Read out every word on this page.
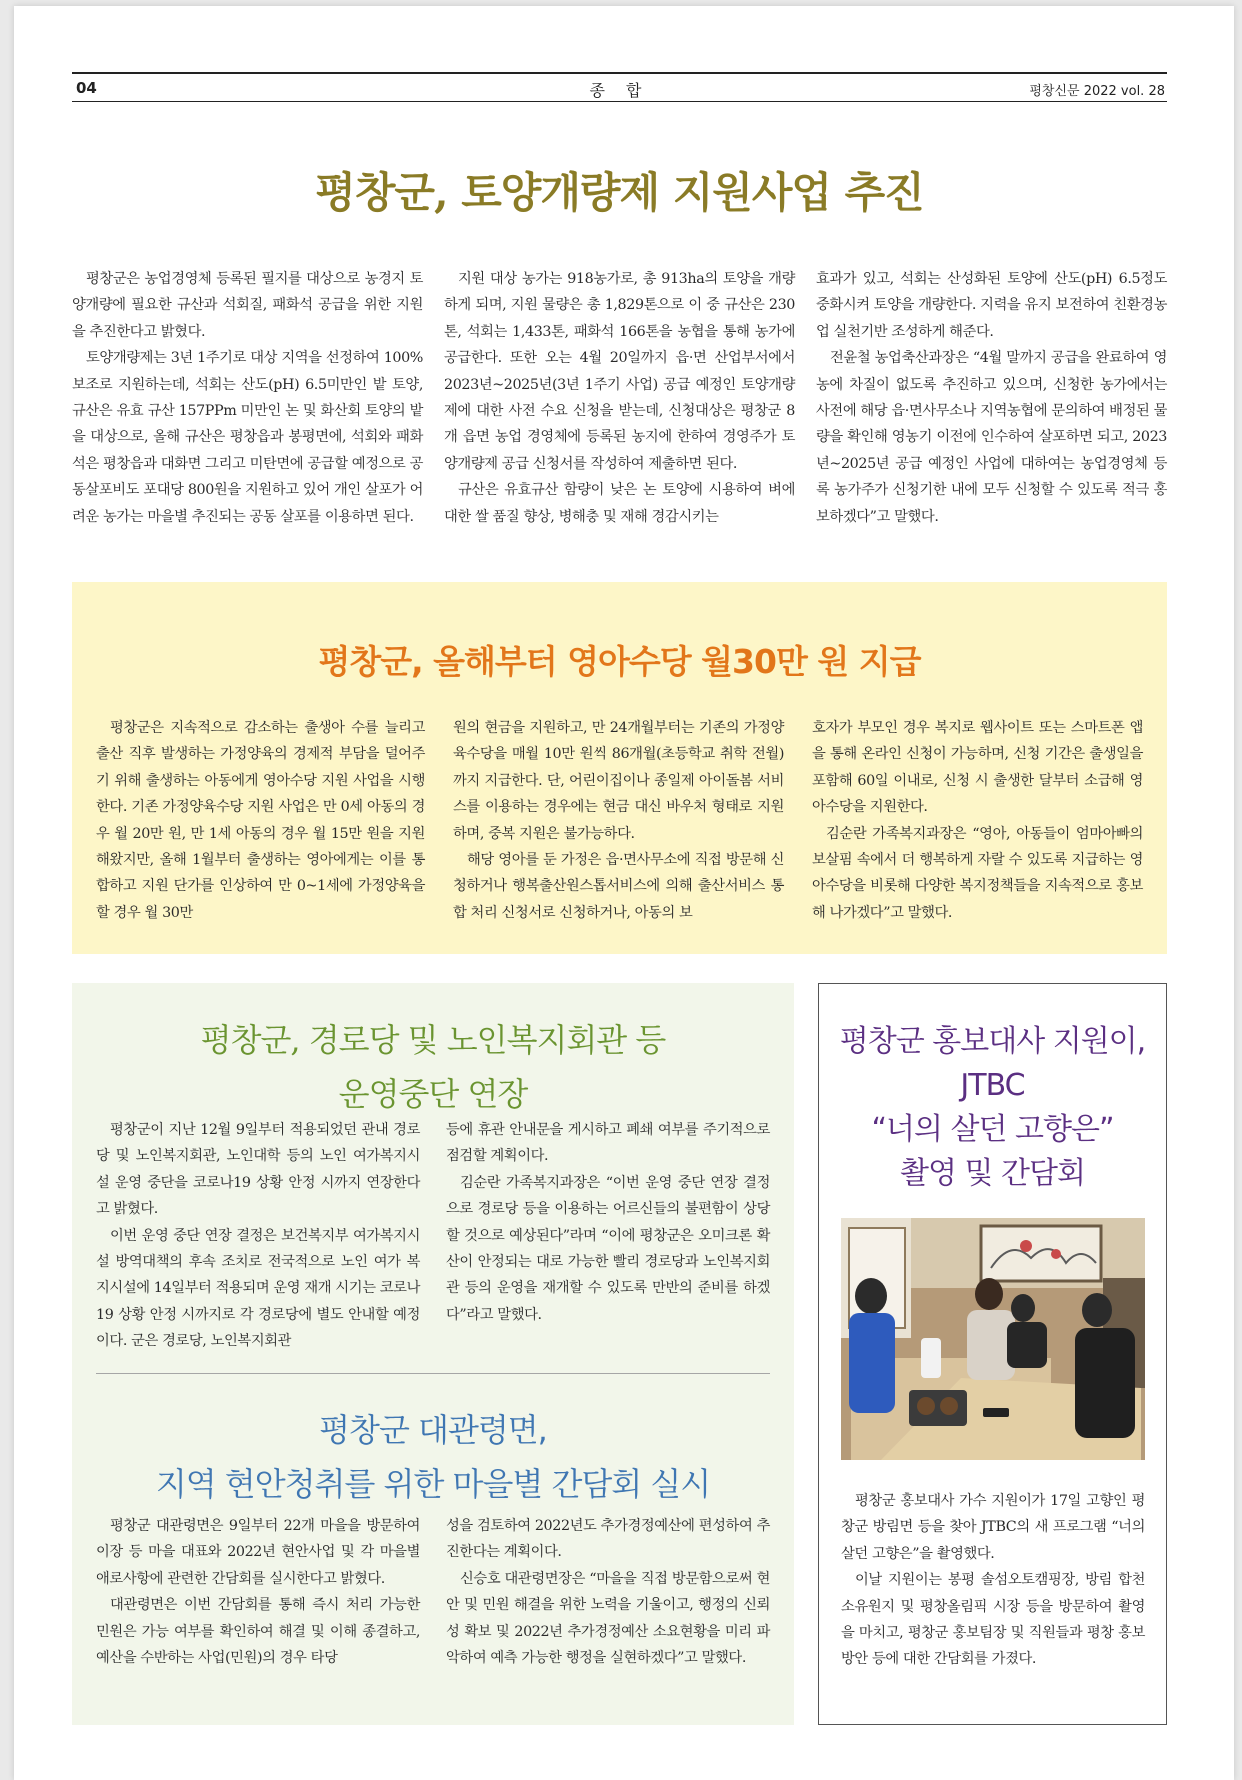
04	종 합	평창신문 2022 vol. 28
평창군, 토양개량제 지원사업 추진

평창군은 농업경영체 등록된 필지를 대상으로 농경지 토양개량에 필요한 규산과 석회질, 패화석 공급을 위한 지원을 추진한다고 밝혔다.

토양개량제는 3년 1주기로 대상 지역을 선정하여 100% 보조로 지원하는데, 석회는 산도(pH) 6.5미만인 밭 토양, 규산은 유효 규산 157PPm 미만인 논 및 화산회 토양의 밭을 대상으로, 올해 규산은 평창읍과 봉평면에, 석회와 패화석은 평창읍과 대화면 그리고 미탄면에 공급할 예정으로 공동살포비도 포대당 800원을 지원하고 있어 개인 살포가 어려운 농가는 마을별 추진되는 공동 살포를 이용하면 된다.

지원 대상 농가는 918농가로, 총 913ha의 토양을 개량하게 되며, 지원 물량은 총 1,829톤으로 이 중 규산은 230톤, 석회는 1,433톤, 패화석 166톤을 농협을 통해 농가에 공급한다. 또한 오는 4월 20일까지 읍·면 산업부서에서 2023년~2025년(3년 1주기 사업) 공급 예정인 토양개량제에 대한 사전 수요 신청을 받는데, 신청대상은 평창군 8개 읍면 농업 경영체에 등록된 농지에 한하여 경영주가 토양개량제 공급 신청서를 작성하여 제출하면 된다.

규산은 유효규산 함량이 낮은 논 토양에 시용하여 벼에 대한 쌀 품질 향상, 병해충 및 재해 경감시키는

효과가 있고, 석회는 산성화된 토양에 산도(pH) 6.5정도 중화시켜 토양을 개량한다. 지력을 유지 보전하여 친환경농업 실천기반 조성하게 해준다.

전윤철 농업축산과장은 “4월 말까지 공급을 완료하여 영농에 차질이 없도록 추진하고 있으며, 신청한 농가에서는 사전에 해당 읍·면사무소나 지역농협에 문의하여 배정된 물량을 확인해 영농기 이전에 인수하여 살포하면 되고, 2023년~2025년 공급 예정인 사업에 대하여는 농업경영체 등록 농가주가 신청기한 내에 모두 신청할 수 있도록 적극 홍보하겠다”고 말했다.

평창군, 올해부터 영아수당 월30만 원 지급

평창군은 지속적으로 감소하는 출생아 수를 늘리고 출산 직후 발생하는 가정양육의 경제적 부담을 덜어주기 위해 출생하는 아동에게 영아수당 지원 사업을 시행한다. 기존 가정양육수당 지원 사업은 만 0세 아동의 경우 월 20만 원, 만 1세 아동의 경우 월 15만 원을 지원해왔지만, 올해 1월부터 출생하는 영아에게는 이를 통합하고 지원 단가를 인상하여 만 0~1세에 가정양육을 할 경우 월 30만

원의 현금을 지원하고, 만 24개월부터는 기존의 가정양육수당을 매월 10만 원씩 86개월(초등학교 취학 전월)까지 지급한다. 단, 어린이집이나 종일제 아이돌봄 서비스를 이용하는 경우에는 현금 대신 바우처 형태로 지원하며, 중복 지원은 불가능하다.

해당 영아를 둔 가정은 읍·면사무소에 직접 방문해 신청하거나 행복출산원스톱서비스에 의해 출산서비스 통합 처리 신청서로 신청하거나, 아동의 보

호자가 부모인 경우 복지로 웹사이트 또는 스마트폰 앱을 통해 온라인 신청이 가능하며, 신청 기간은 출생일을 포함해 60일 이내로, 신청 시 출생한 달부터 소급해 영아수당을 지원한다.

김순란 가족복지과장은 “영아, 아동들이 엄마아빠의 보살핌 속에서 더 행복하게 자랄 수 있도록 지급하는 영아수당을 비롯해 다양한 복지정책들을 지속적으로 홍보해 나가겠다”고 말했다.

평창군, 경로당 및 노인복지회관 등
운영중단 연장

평창군이 지난 12월 9일부터 적용되었던 관내 경로당 및 노인복지회관, 노인대학 등의 노인 여가복지시설 운영 중단을 코로나19 상황 안정 시까지 연장한다고 밝혔다.

이번 운영 중단 연장 결정은 보건복지부 여가복지시설 방역대책의 후속 조치로 전국적으로 노인 여가 복지시설에 14일부터 적용되며 운영 재개 시기는 코로나19 상황 안정 시까지로 각 경로당에 별도 안내할 예정이다. 군은 경로당, 노인복지회관

등에 휴관 안내문을 게시하고 폐쇄 여부를 주기적으로 점검할 계획이다.

김순란 가족복지과장은 “이번 운영 중단 연장 결정으로 경로당 등을 이용하는 어르신들의 불편함이 상당할 것으로 예상된다”라며 “이에 평창군은 오미크론 확산이 안정되는 대로 가능한 빨리 경로당과 노인복지회관 등의 운영을 재개할 수 있도록 만반의 준비를 하겠다”라고 말했다.

평창군 대관령면,
지역 현안청취를 위한 마을별 간담회 실시

평창군 대관령면은 9일부터 22개 마을을 방문하여 이장 등 마을 대표와 2022년 현안사업 및 각 마을별 애로사항에 관련한 간담회를 실시한다고 밝혔다.

대관령면은 이번 간담회를 통해 즉시 처리 가능한 민원은 가능 여부를 확인하여 해결 및 이해 종결하고, 예산을 수반하는 사업(민원)의 경우 타당

성을 검토하여 2022년도 추가경정예산에 편성하여 추진한다는 계획이다.

신승호 대관령면장은 “마을을 직접 방문함으로써 현안 및 민원 해결을 위한 노력을 기울이고, 행정의 신뢰성 확보 및 2022년 추가경정예산 소요현황을 미리 파악하여 예측 가능한 행정을 실현하겠다”고 말했다.

평창군 홍보대사 지원이,
JTBC
“너의 살던 고향은”
촬영 및 간담회

평창군 홍보대사 가수 지원이가 17일 고향인 평창군 방림면 등을 찾아 JTBC의 새 프로그램 “너의 살던 고향은”을 촬영했다.

이날 지원이는 봉평 솔섬오토캠핑장, 방림 합천소유원지 및 평창올림픽 시장 등을 방문하여 촬영을 마치고, 평창군 홍보팀장 및 직원들과 평창 홍보방안 등에 대한 간담회를 가졌다.
